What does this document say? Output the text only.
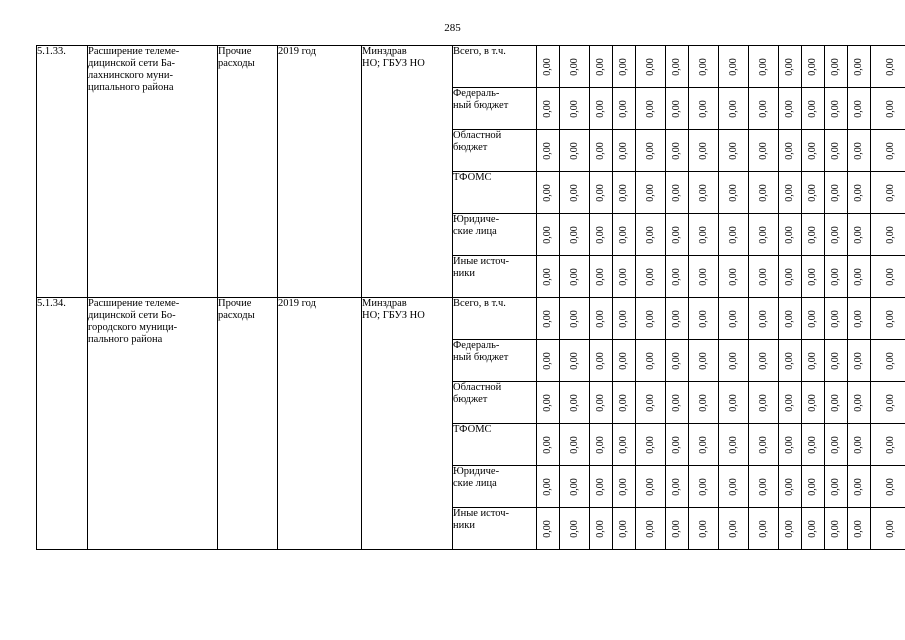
285
5.1.33.	Расширение телеме-
дицинской сети Ба-
лахнинского муни-
ципального района	Прочие
расходы	2019 год	Минздрав
НО; ГБУЗ НО	Всего, в т.ч.	0,00	0,00	0,00	0,00	0,00	0,00	0,00	0,00	0,00	0,00	0,00	0,00	0,00	0,00

					Федераль-
ный бюджет	0,00	0,00	0,00	0,00	0,00	0,00	0,00	0,00	0,00	0,00	0,00	0,00	0,00	0,00

					Областной
бюджет	0,00	0,00	0,00	0,00	0,00	0,00	0,00	0,00	0,00	0,00	0,00	0,00	0,00	0,00

					ТФОМС	0,00	0,00	0,00	0,00	0,00	0,00	0,00	0,00	0,00	0,00	0,00	0,00	0,00	0,00

					Юридиче-
ские лица	0,00	0,00	0,00	0,00	0,00	0,00	0,00	0,00	0,00	0,00	0,00	0,00	0,00	0,00

					Иные источ-
ники	0,00	0,00	0,00	0,00	0,00	0,00	0,00	0,00	0,00	0,00	0,00	0,00	0,00	0,00

5.1.34.	Расширение телеме-
дицинской сети Бо-
городского муници-
пального района	Прочие
расходы	2019 год	Минздрав
НО; ГБУЗ НО	Всего, в т.ч.	0,00	0,00	0,00	0,00	0,00	0,00	0,00	0,00	0,00	0,00	0,00	0,00	0,00	0,00

					Федераль-
ный бюджет	0,00	0,00	0,00	0,00	0,00	0,00	0,00	0,00	0,00	0,00	0,00	0,00	0,00	0,00

					Областной
бюджет	0,00	0,00	0,00	0,00	0,00	0,00	0,00	0,00	0,00	0,00	0,00	0,00	0,00	0,00

					ТФОМС	0,00	0,00	0,00	0,00	0,00	0,00	0,00	0,00	0,00	0,00	0,00	0,00	0,00	0,00

					Юридиче-
ские лица	0,00	0,00	0,00	0,00	0,00	0,00	0,00	0,00	0,00	0,00	0,00	0,00	0,00	0,00

					Иные источ-
ники	0,00	0,00	0,00	0,00	0,00	0,00	0,00	0,00	0,00	0,00	0,00	0,00	0,00	0,00
